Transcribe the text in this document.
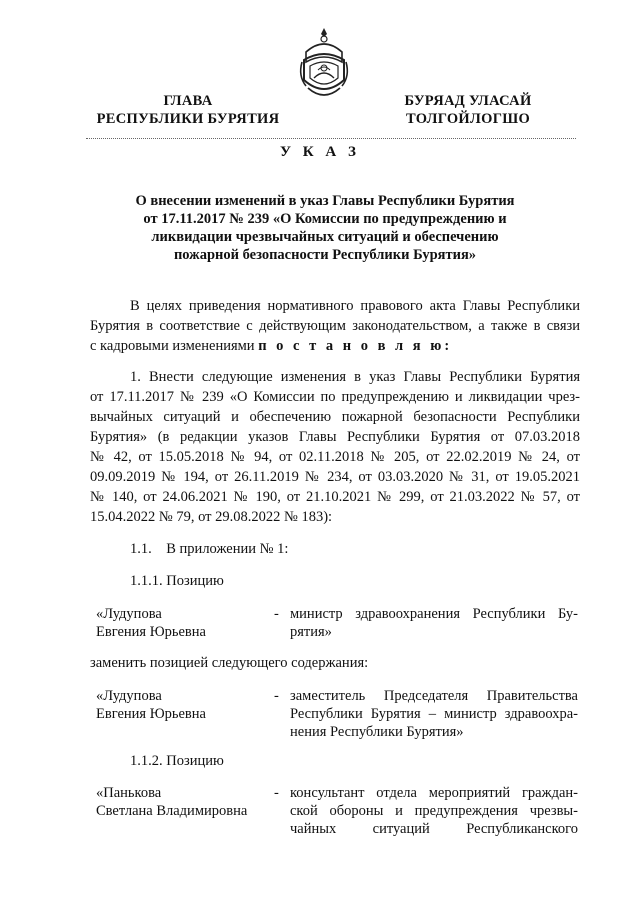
ГЛАВА
РЕСПУБЛИКИ БУРЯТИЯ
БУРЯАД УЛАСАЙ
ТОЛГОЙЛОГШО
У К А З
О внесении изменений в указ Главы Республики Бурятия
от 17.11.2017 № 239 «О Комиссии по предупреждению и
ликвидации чрезвычайных ситуаций и обеспечению
пожарной безопасности Республики Бурятия»
В целях приведения нормативного правового акта Главы Республики
Бурятия в соответствие с действующим законодательством, а также в связи
с кадровыми изменениями п о с т а н о в л я ю:
1. Внести следующие изменения в указ Главы Республики Бурятия
от 17.11.2017 № 239 «О Комиссии по предупреждению и ликвидации чрез-
вычайных ситуаций и обеспечению пожарной безопасности Республики
Бурятия» (в редакции указов Главы Республики Бурятия от 07.03.2018
№ 42, от 15.05.2018 № 94, от 02.11.2018 № 205, от 22.02.2019 № 24, от
09.09.2019 № 194, от 26.11.2019 № 234, от 03.03.2020 № 31, от 19.05.2021
№ 140, от 24.06.2021 № 190, от 21.10.2021 № 299, от 21.03.2022 № 57, от
15.04.2022 № 79, от 29.08.2022 № 183):
1.1.    В приложении № 1:
1.1.1. Позицию
«Лудупова
Евгения Юрьевна
- министр здравоохранения Республики Бу-
рятия»
заменить позицией следующего содержания:
«Лудупова
Евгения Юрьевна
- заместитель Председателя Правительства
Республики Бурятия – министр здравоохра-
нения Республики Бурятия»
1.1.2. Позицию
«Панькова
Светлана Владимировна
- консультант отдела мероприятий граждан-
ской обороны и предупреждения чрезвы-
чайных          ситуаций          Республиканского
